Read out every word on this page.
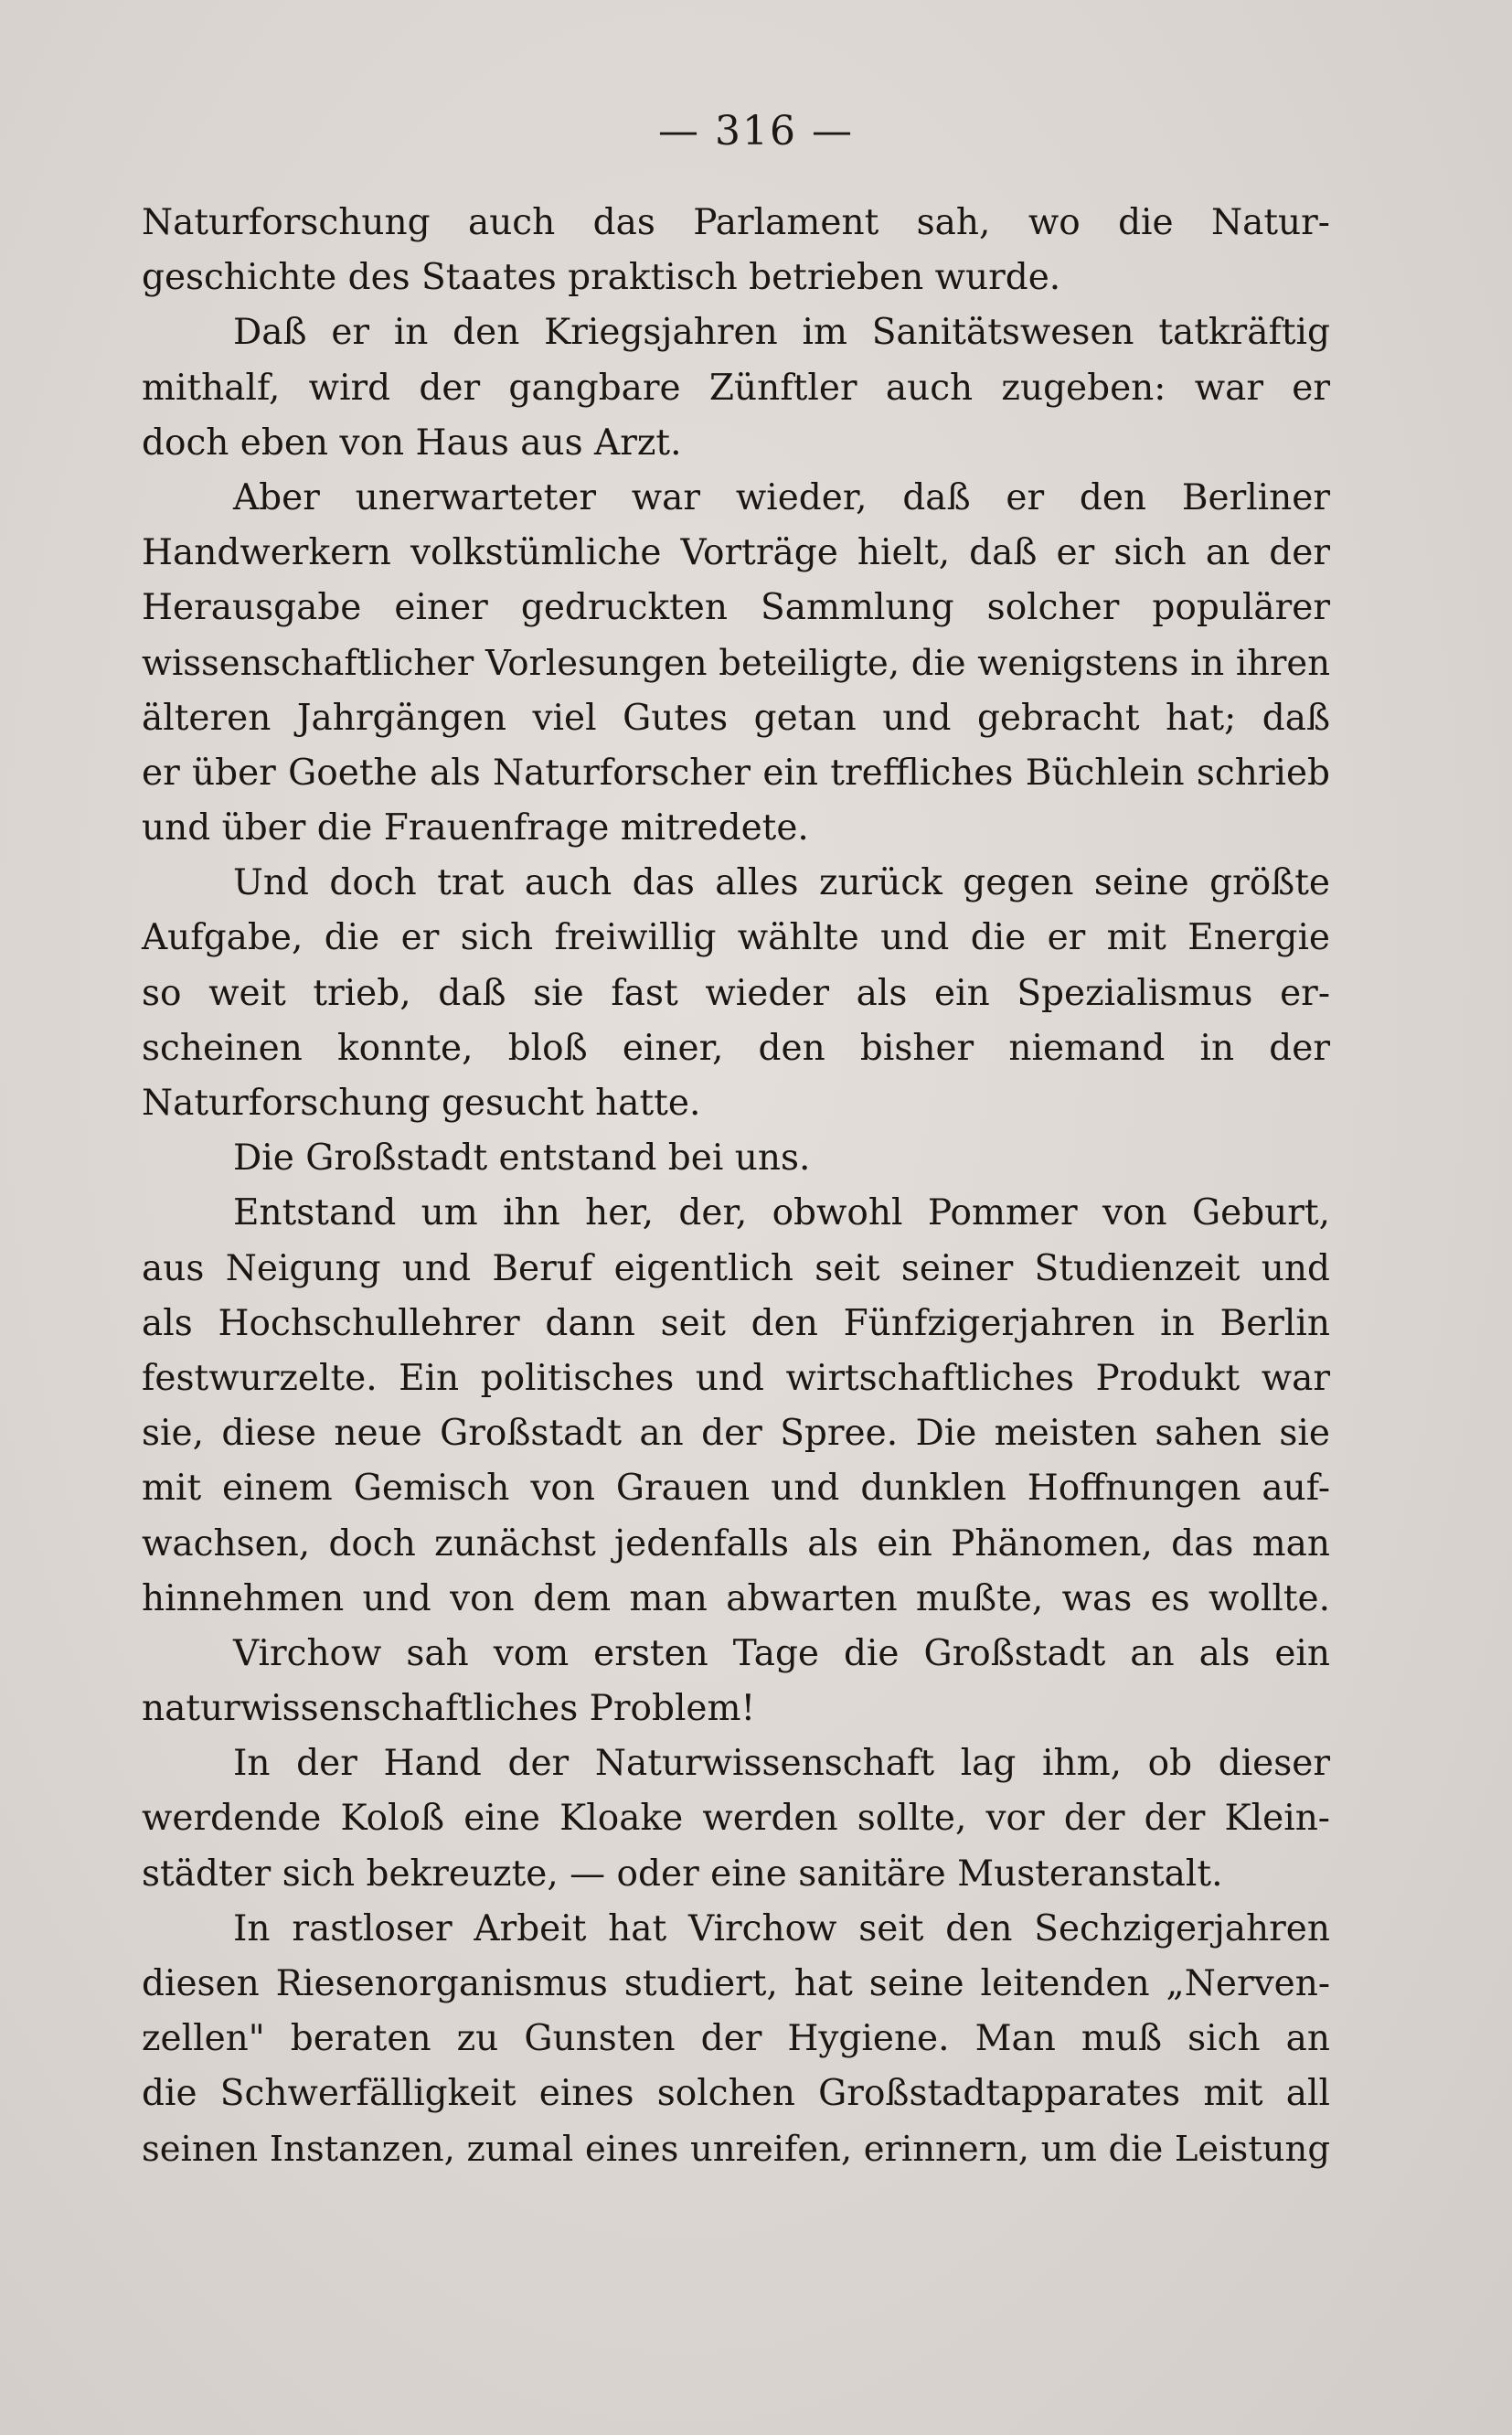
— 316 —
Naturforschung auch das Parlament sah, wo die Natur-
geschichte des Staates praktisch betrieben wurde.
Daß er in den Kriegsjahren im Sanitätswesen tatkräftig
mithalf, wird der gangbare Zünftler auch zugeben: war er
doch eben von Haus aus Arzt.
Aber unerwarteter war wieder, daß er den Berliner
Handwerkern volkstümliche Vorträge hielt, daß er sich an der
Herausgabe einer gedruckten Sammlung solcher populärer
wissenschaftlicher Vorlesungen beteiligte, die wenigstens in ihren
älteren Jahrgängen viel Gutes getan und gebracht hat; daß
er über Goethe als Naturforscher ein treffliches Büchlein schrieb
und über die Frauenfrage mitredete.
Und doch trat auch das alles zurück gegen seine größte
Aufgabe, die er sich freiwillig wählte und die er mit Energie
so weit trieb, daß sie fast wieder als ein Spezialismus er-
scheinen konnte, bloß einer, den bisher niemand in der
Naturforschung gesucht hatte.
Die Großstadt entstand bei uns.
Entstand um ihn her, der, obwohl Pommer von Geburt,
aus Neigung und Beruf eigentlich seit seiner Studienzeit und
als Hochschullehrer dann seit den Fünfzigerjahren in Berlin
festwurzelte. Ein politisches und wirtschaftliches Produkt war
sie, diese neue Großstadt an der Spree. Die meisten sahen sie
mit einem Gemisch von Grauen und dunklen Hoffnungen auf-
wachsen, doch zunächst jedenfalls als ein Phänomen, das man
hinnehmen und von dem man abwarten mußte, was es wollte.
Virchow sah vom ersten Tage die Großstadt an als ein
naturwissenschaftliches Problem!
In der Hand der Naturwissenschaft lag ihm, ob dieser
werdende Koloß eine Kloake werden sollte, vor der der Klein-
städter sich bekreuzte, — oder eine sanitäre Musteranstalt.
In rastloser Arbeit hat Virchow seit den Sechzigerjahren
diesen Riesenorganismus studiert, hat seine leitenden „Nerven-
zellen" beraten zu Gunsten der Hygiene. Man muß sich an
die Schwerfälligkeit eines solchen Großstadtapparates mit all
seinen Instanzen, zumal eines unreifen, erinnern, um die Leistung
